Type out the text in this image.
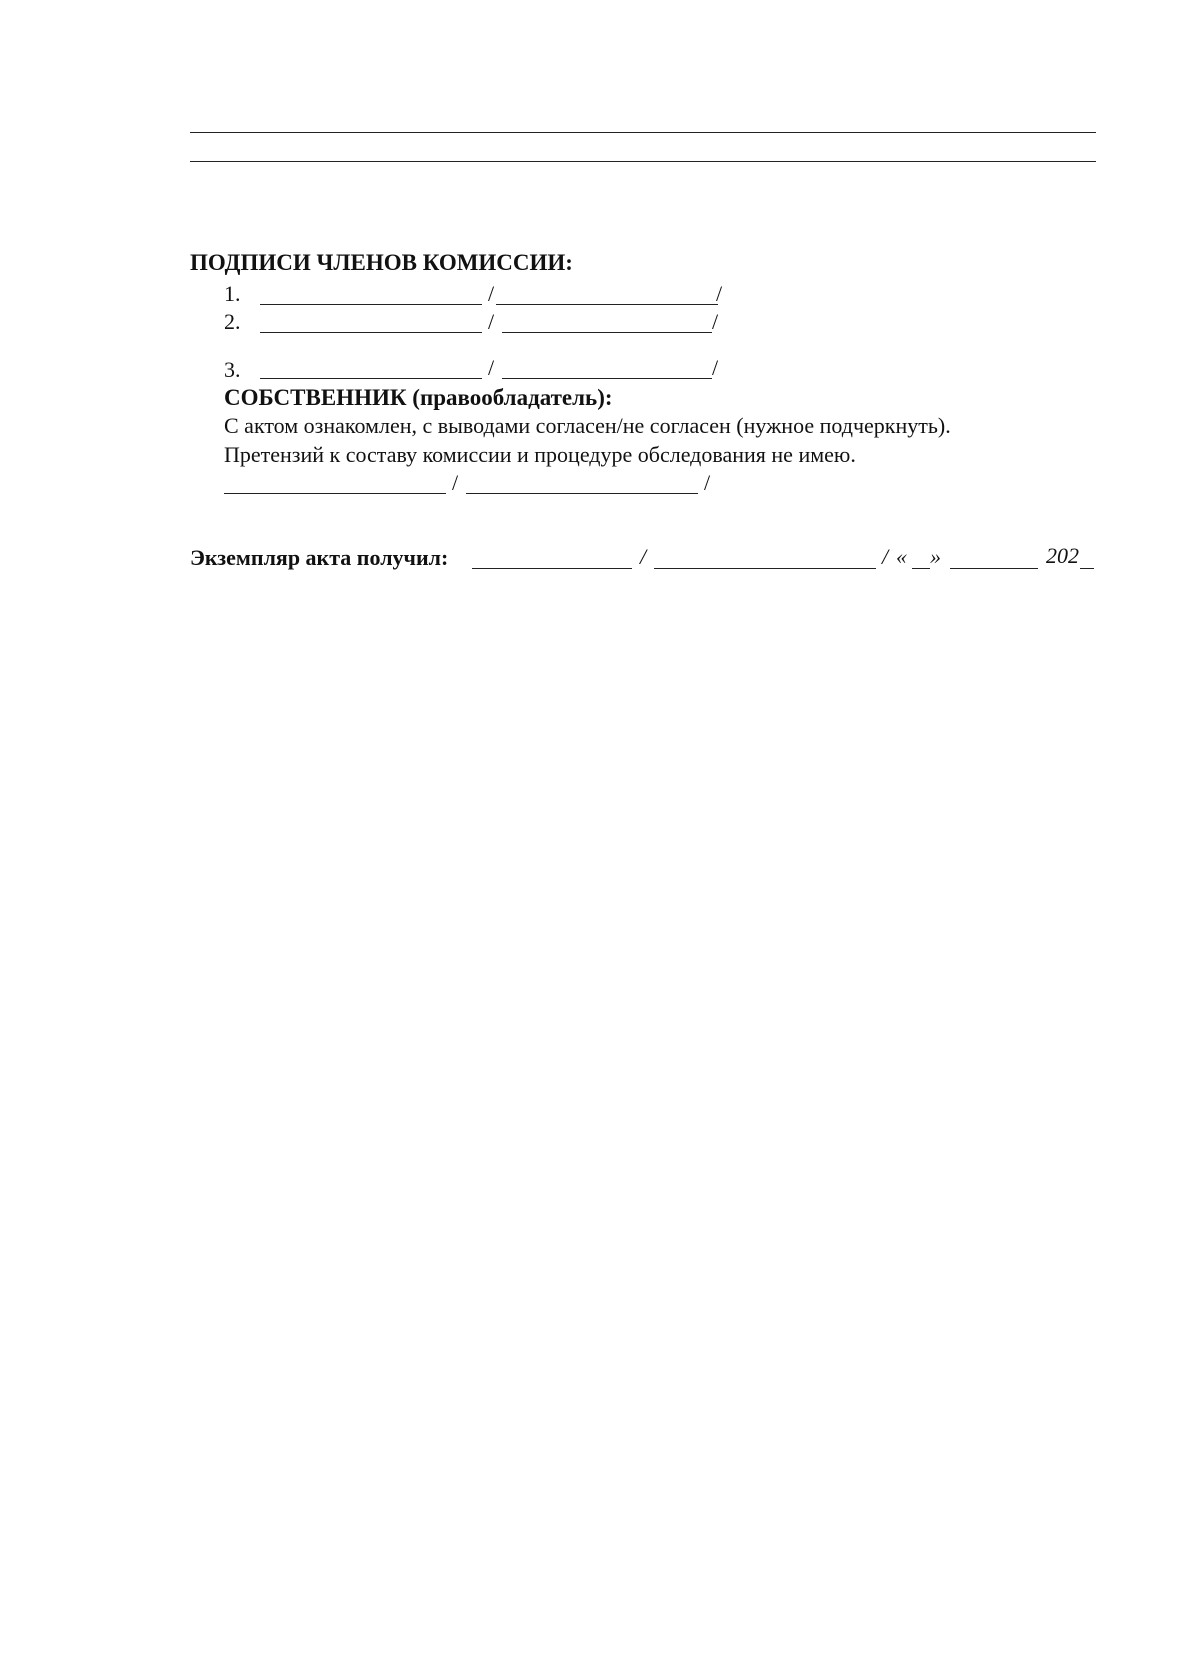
ПОДПИСИ ЧЛЕНОВ КОМИССИИ:
1.	/	/
2.	/	/
3.	/	/
СОБСТВЕННИК (правообладатель):
С актом ознакомлен, с выводами согласен/не согласен (нужное подчеркнуть).
Претензий к составу комиссии и процедуре обследования не имею.
/	/
Экземпляр акта получил:	/	/ « »	202
